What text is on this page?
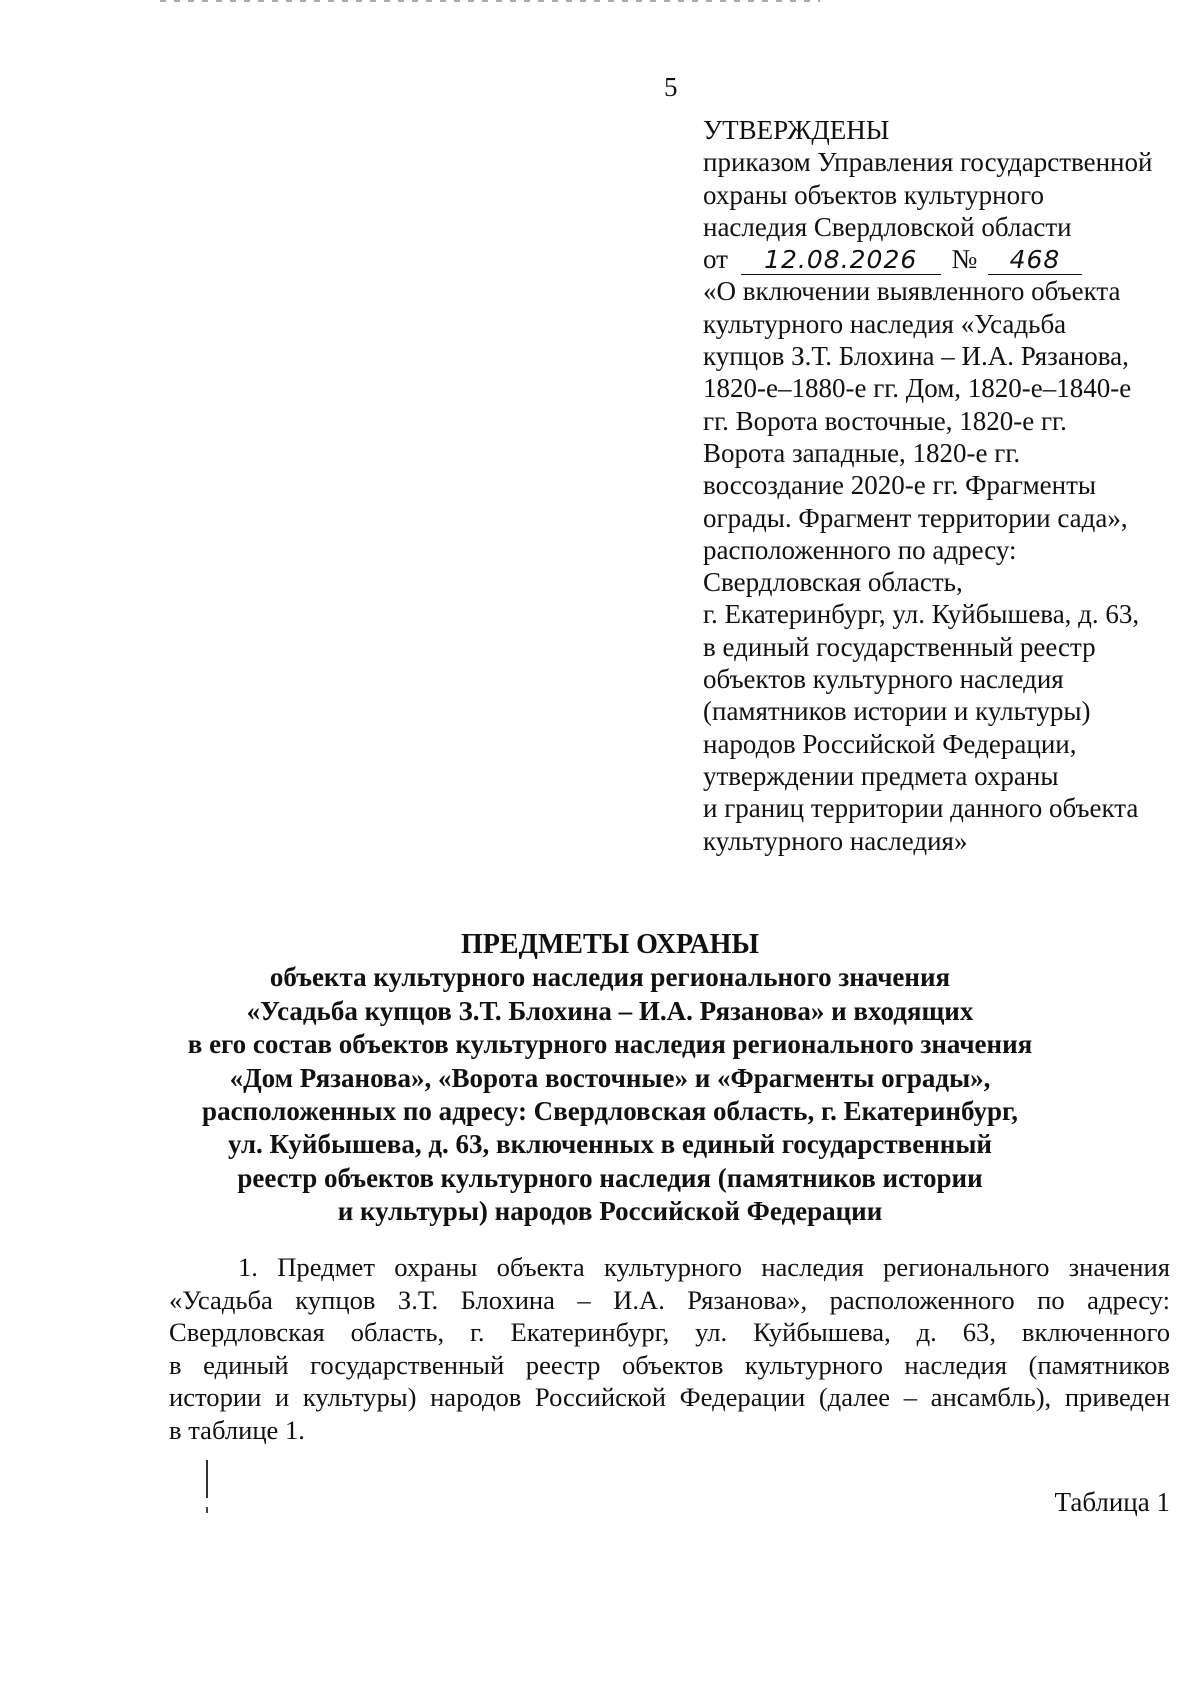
5
УТВЕРЖДЕНЫ
приказом Управления государственной
охраны объектов культурного
наследия Свердловской области
от 12.08.2026 № 468
«О включении выявленного объекта
культурного наследия «Усадьба
купцов З.Т. Блохина – И.А. Рязанова,
1820-е–1880-е гг. Дом, 1820-е–1840-е
гг. Ворота восточные, 1820-е гг.
Ворота западные, 1820-е гг.
воссоздание 2020-е гг. Фрагменты
ограды. Фрагмент территории сада»,
расположенного по адресу:
Свердловская область,
г. Екатеринбург, ул. Куйбышева, д. 63,
в единый государственный реестр
объектов культурного наследия
(памятников истории и культуры)
народов Российской Федерации,
утверждении предмета охраны
и границ территории данного объекта
культурного наследия»
ПРЕДМЕТЫ ОХРАНЫ
объекта культурного наследия регионального значения
«Усадьба купцов З.Т. Блохина – И.А. Рязанова» и входящих
в его состав объектов культурного наследия регионального значения
«Дом Рязанова», «Ворота восточные» и «Фрагменты ограды»,
расположенных по адресу: Свердловская область, г. Екатеринбург,
ул. Куйбышева, д. 63, включенных в единый государственный
реестр объектов культурного наследия (памятников истории
и культуры) народов Российской Федерации
1. Предмет охраны объекта культурного наследия регионального значения
«Усадьба купцов З.Т. Блохина – И.А. Рязанова», расположенного по адресу:
Свердловская область, г. Екатеринбург, ул. Куйбышева, д. 63, включенного
в единый государственный реестр объектов культурного наследия (памятников
истории и культуры) народов Российской Федерации (далее – ансамбль), приведен
в таблице 1.
Таблица 1
